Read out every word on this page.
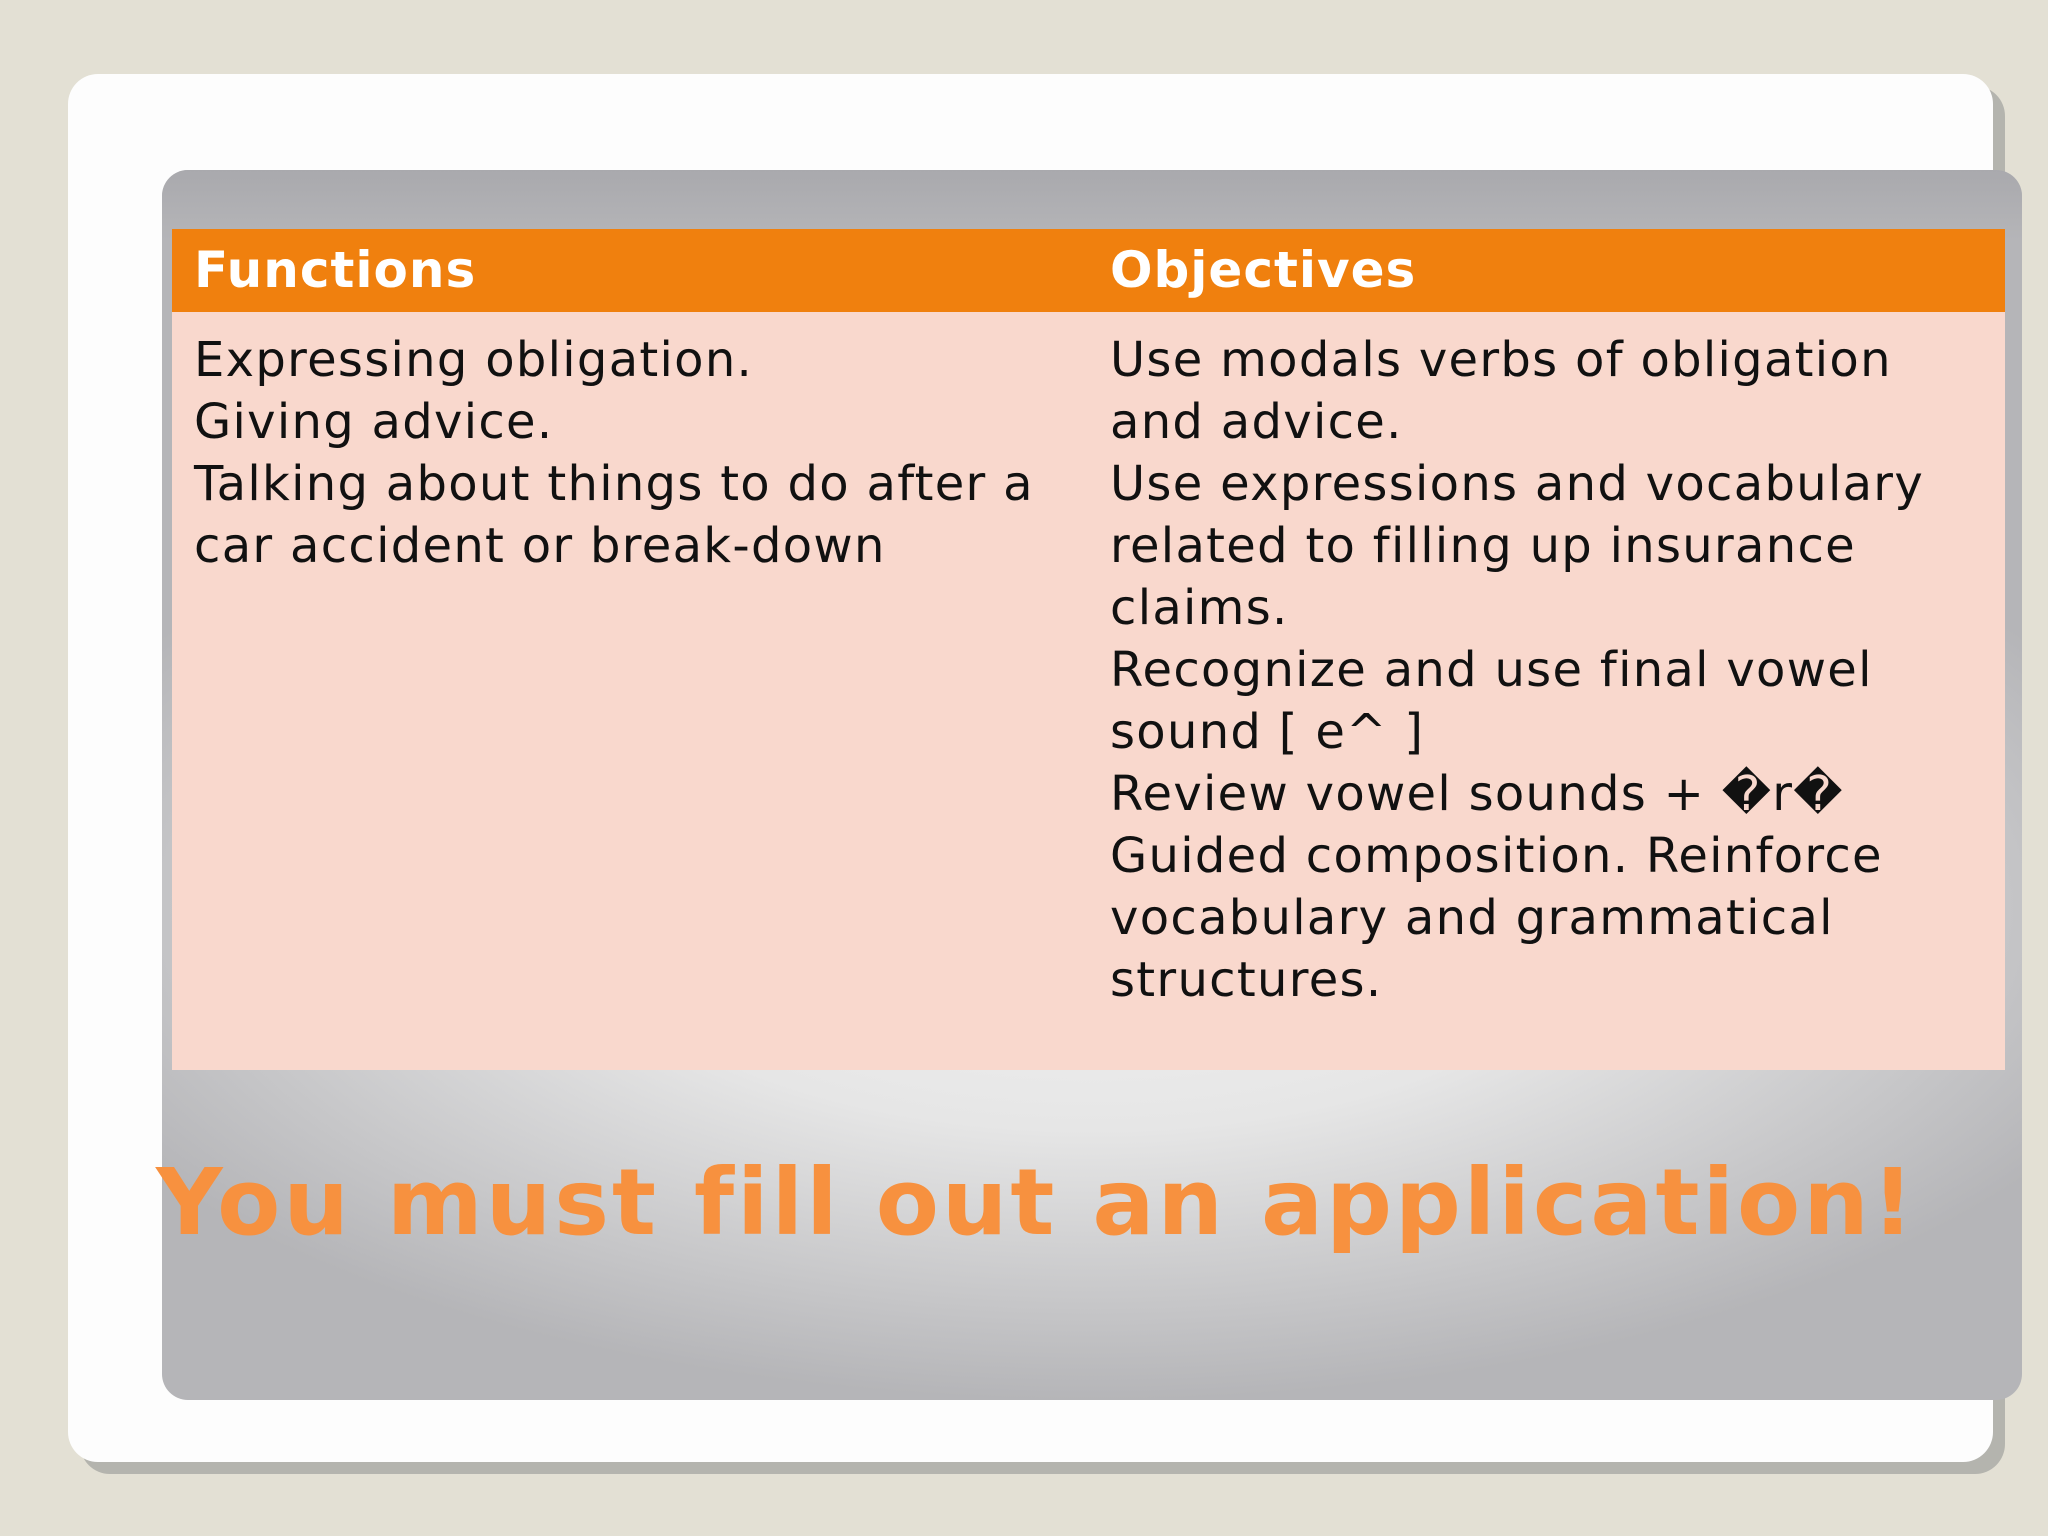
Functions	Objectives
Expressing obligation.
Giving advice.
Talking about things to do after a
car accident or break-down
Use modals verbs of obligation
and advice.
Use expressions and vocabulary
related to filling up insurance
claims.
Recognize and use final vowel
sound [ e^ ]
Review vowel sounds + �r�
Guided composition. Reinforce
vocabulary and grammatical
structures.
You must fill out an application!
